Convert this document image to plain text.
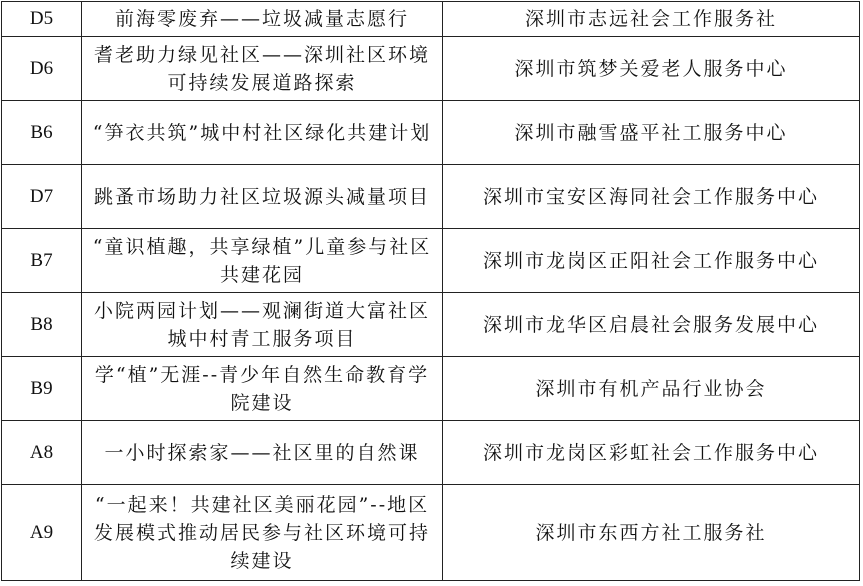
D5	前海零废弃——垃圾减量志愿行	深圳市志远社会工作服务社
D6	耆老助力绿见社区——深圳社区环境可持续发展道路探索	深圳市筑梦关爱老人服务中心
B6	“笋衣共筑”城中村社区绿化共建计划	深圳市融雪盛平社工服务中心
D7	跳蚤市场助力社区垃圾源头减量项目	深圳市宝安区海同社会工作服务中心
B7	“童识植趣，共享绿植”儿童参与社区共建花园	深圳市龙岗区正阳社会工作服务中心
B8	小院两园计划——观澜街道大富社区城中村青工服务项目	深圳市龙华区启晨社会服务发展中心
B9	学“植”无涯--青少年自然生命教育学院建设	深圳市有机产品行业协会
A8	一小时探索家——社区里的自然课	深圳市龙岗区彩虹社会工作服务中心
A9	“一起来！共建社区美丽花园”--地区发展模式推动居民参与社区环境可持续建设	深圳市东西方社工服务社
